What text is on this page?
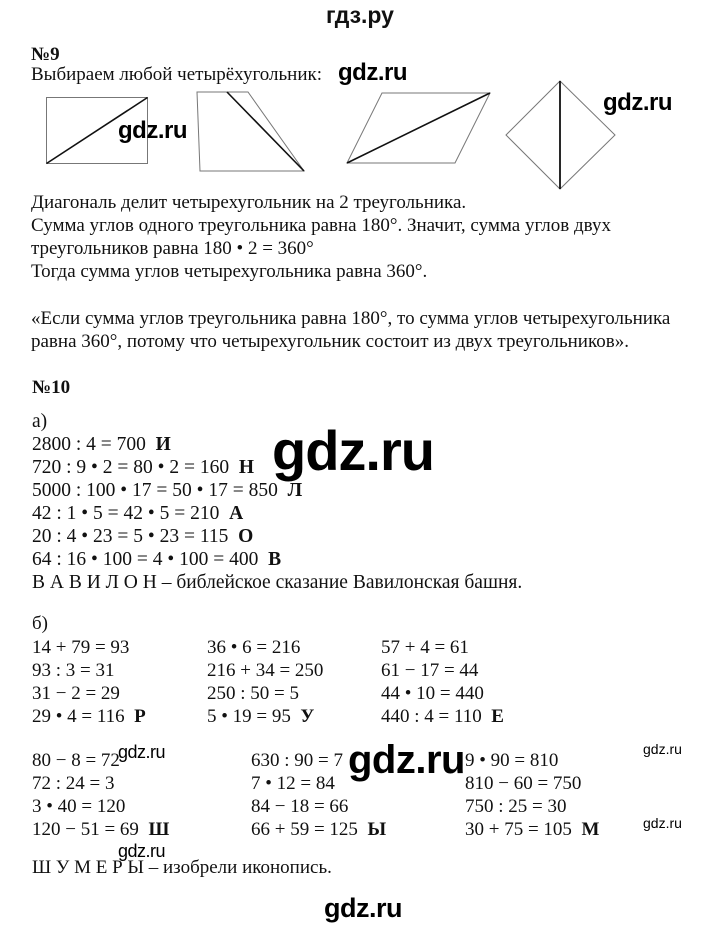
гдз.ру
№9
Выбираем любой четырёхугольник:
Диагональ делит четырехугольник на 2 треугольника.
Сумма углов одного треугольника равна 180°. Значит, сумма углов двух
треугольников равна 180 • 2 = 360°
Тогда сумма углов четырехугольника равна 360°.
«Если сумма углов треугольника равна 180°, то сумма углов четырехугольника
равна 360°, потому что четырехугольник состоит из двух треугольников».
№10
а)
2800 : 4 = 700 И
720 : 9 • 2 = 80 • 2 = 160 Н
5000 : 100 • 17 = 50 • 17 = 850 Л
42 : 1 • 5 = 42 • 5 = 210 А
20 : 4 • 23 = 5 • 23 = 115 О
64 : 16 • 100 = 4 • 100 = 400 В
В А В И Л О Н – библейское сказание Вавилонская башня.
б)
14 + 79 = 93
93 : 3 = 31
31 − 2 = 29
29 • 4 = 116 Р
36 • 6 = 216
216 + 34 = 250
250 : 50 = 5
5 • 19 = 95 У
57 + 4 = 61
61 − 17 = 44
44 • 10 = 440
440 : 4 = 110 Е
80 − 8 = 72
72 : 24 = 3
3 • 40 = 120
120 − 51 = 69 Ш
630 : 90 = 7
7 • 12 = 84
84 − 18 = 66
66 + 59 = 125 Ы
9 • 90 = 810
810 − 60 = 750
750 : 25 = 30
30 + 75 = 105 М
Ш У М Е Р Ы – изобрели иконопись.
gdz.ru
gdz.ru
gdz.ru
gdz.ru
gdz.ru	gdz.ru	gdz.ru
gdz.ru
gdz.ru
gdz.ru
